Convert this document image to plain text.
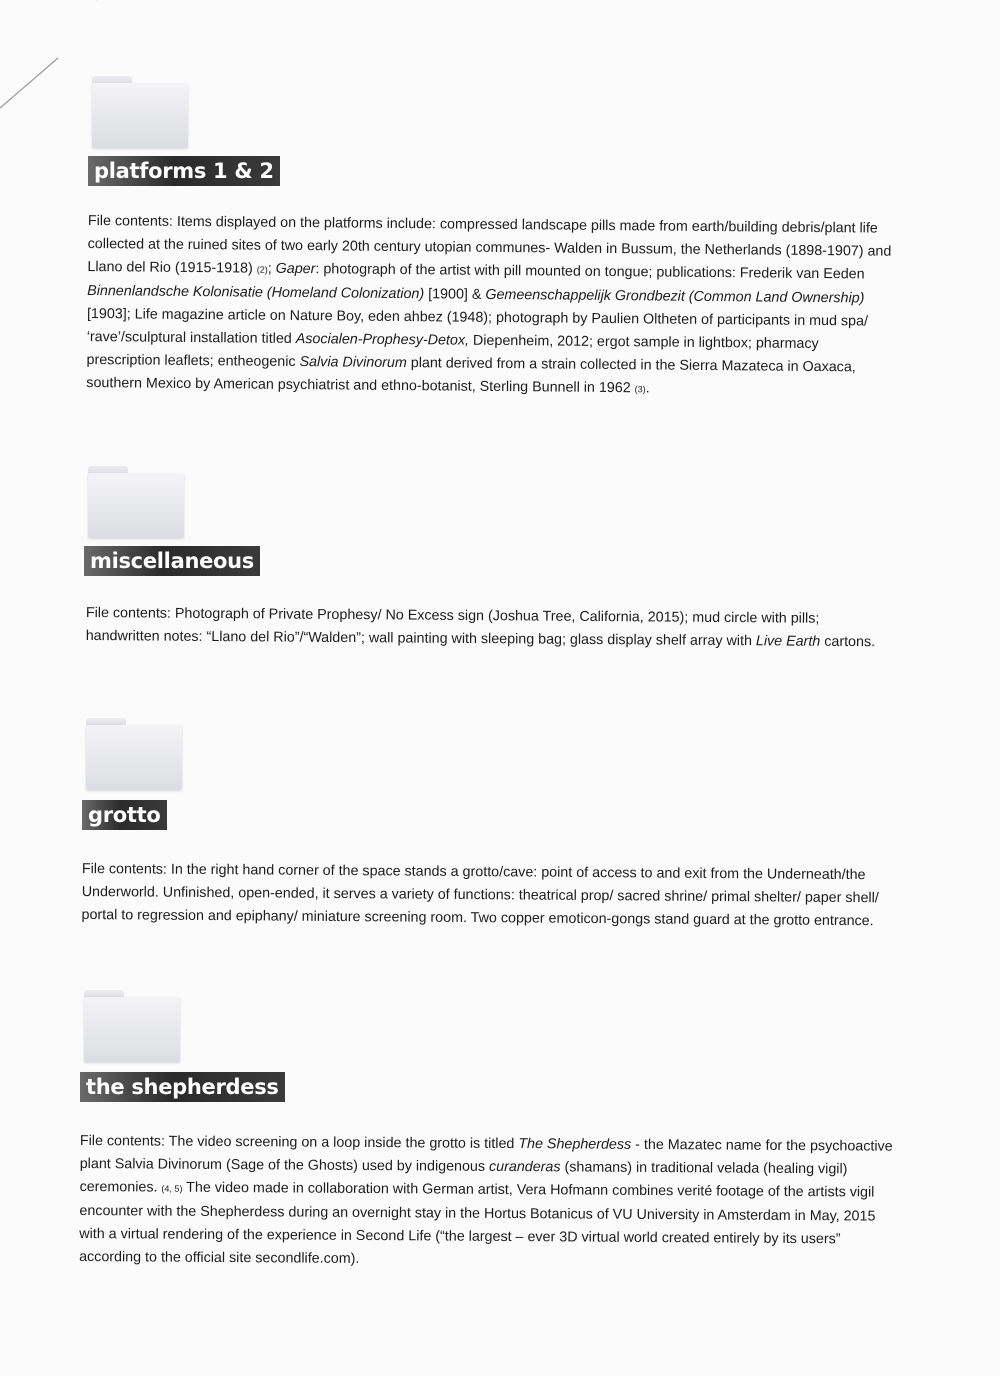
platforms 1 & 2

File contents: Items displayed on the platforms include: compressed landscape pills made from earth/building debris/plant life collected at the ruined sites of two early 20th century utopian communes- Walden in Bussum, the Netherlands (1898-1907) and Llano del Rio (1915-1918) (2); Gaper: photograph of the artist with pill mounted on tongue; publications: Frederik van Eeden Binnenlandsche Kolonisatie (Homeland Colonization) [1900] & Gemeenschappelijk Grondbezit (Common Land Ownership)[1903]; Life magazine article on Nature Boy, eden ahbez (1948); photograph by Paulien Oltheten of participants in mud spa/ ‘rave’/sculptural installation titled Asocialen-Prophesy-Detox, Diepenheim, 2012; ergot sample in lightbox; pharmacy prescription leaflets; entheogenic Salvia Divinorum plant derived from a strain collected in the Sierra Mazateca in Oaxaca, southern Mexico by American psychiatrist and ethno-botanist, Sterling Bunnell in 1962 (3).

miscellaneous

File contents: Photograph of Private Prophesy/ No Excess sign (Joshua Tree, California, 2015); mud circle with pills; handwritten notes: “Llano del Rio”/“Walden”; wall painting with sleeping bag; glass display shelf array with Live Earth cartons.

grotto

File contents: In the right hand corner of the space stands a grotto/cave: point of access to and exit from the Underneath/the Underworld. Unfinished, open-ended, it serves a variety of functions: theatrical prop/ sacred shrine/ primal shelter/ paper shell/ portal to regression and epiphany/ miniature screening room. Two copper emoticon-gongs stand guard at the grotto entrance.

the shepherdess

File contents: The video screening on a loop inside the grotto is titled The Shepherdess - the Mazatec name for the psychoactive plant Salvia Divinorum (Sage of the Ghosts) used by indigenous curanderas (shamans) in traditional velada (healing vigil) ceremonies. (4, 5) The video made in collaboration with German artist, Vera Hofmann combines verité footage of the artists vigil encounter with the Shepherdess during an overnight stay in the Hortus Botanicus of VU University in Amsterdam in May, 2015 with a virtual rendering of the experience in Second Life (“the largest – ever 3D virtual world created entirely by its users” according to the official site secondlife.com).
